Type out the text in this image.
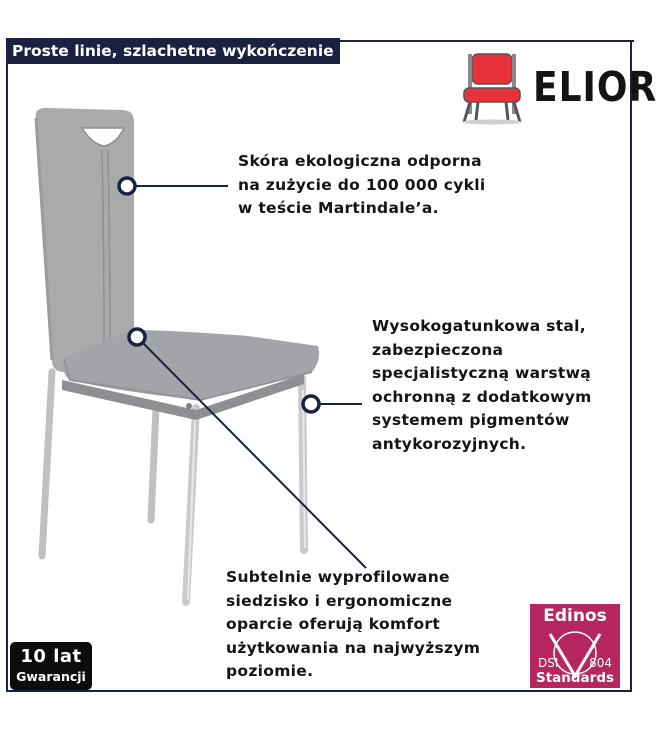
Proste linie, szlachetne wykończenie
ELIOR
Skóra ekologiczna odporna
na zużycie do 100 000 cykli
w teście Martindale’a.
Wysokogatunkowa stal,
zabezpieczona
specjalistyczną warstwą
ochronną z dodatkowym
systemem pigmentów
antykorozyjnych.
Subtelnie wyprofilowane
siedzisko i ergonomiczne
oparcie oferują komfort
użytkowania na najwyższym
poziomie.
10 lat
Gwarancji
Edinos
DSI	804
Standards
